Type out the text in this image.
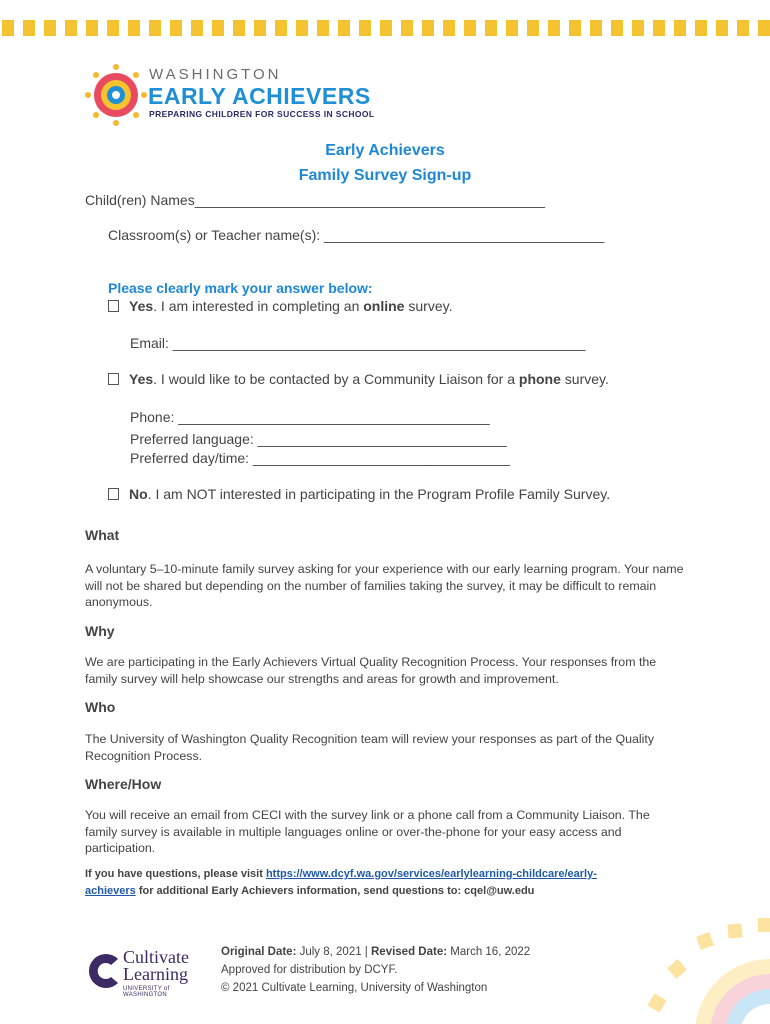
WASHINGTON
EARLY ACHIEVERS
PREPARING CHILDREN FOR SUCCESS IN SCHOOL
Early Achievers
Family Survey Sign-up
Child(ren) Names_____________________________________________
Classroom(s) or Teacher name(s): ____________________________________
Please clearly mark your answer below:
Yes. I am interested in completing an online survey.
Email: _____________________________________________________
Yes. I would like to be contacted by a Community Liaison for a phone survey.
Phone: ________________________________________
Preferred language: ________________________________
Preferred day/time: _________________________________
No. I am NOT interested in participating in the Program Profile Family Survey.
What
A voluntary 5–10-minute family survey asking for your experience with our early learning program. Your name will not be shared but depending on the number of families taking the survey, it may be difficult to remain anonymous.
Why
We are participating in the Early Achievers Virtual Quality Recognition Process. Your responses from the family survey will help showcase our strengths and areas for growth and improvement.
Who
The University of Washington Quality Recognition team will review your responses as part of the Quality Recognition Process.
Where/How
You will receive an email from CECI with the survey link or a phone call from a Community Liaison. The family survey is available in multiple languages online or over-the-phone for your easy access and participation.
If you have questions, please visit https://www.dcyf.wa.gov/services/earlylearning-childcare/early-
achievers for additional Early Achievers information, send questions to: cqel@uw.edu
Cultivate
Learning
UNIVERSITY of WASHINGTON
Original Date: July 8, 2021 | Revised Date: March 16, 2022
Approved for distribution by DCYF.
© 2021 Cultivate Learning, University of Washington
